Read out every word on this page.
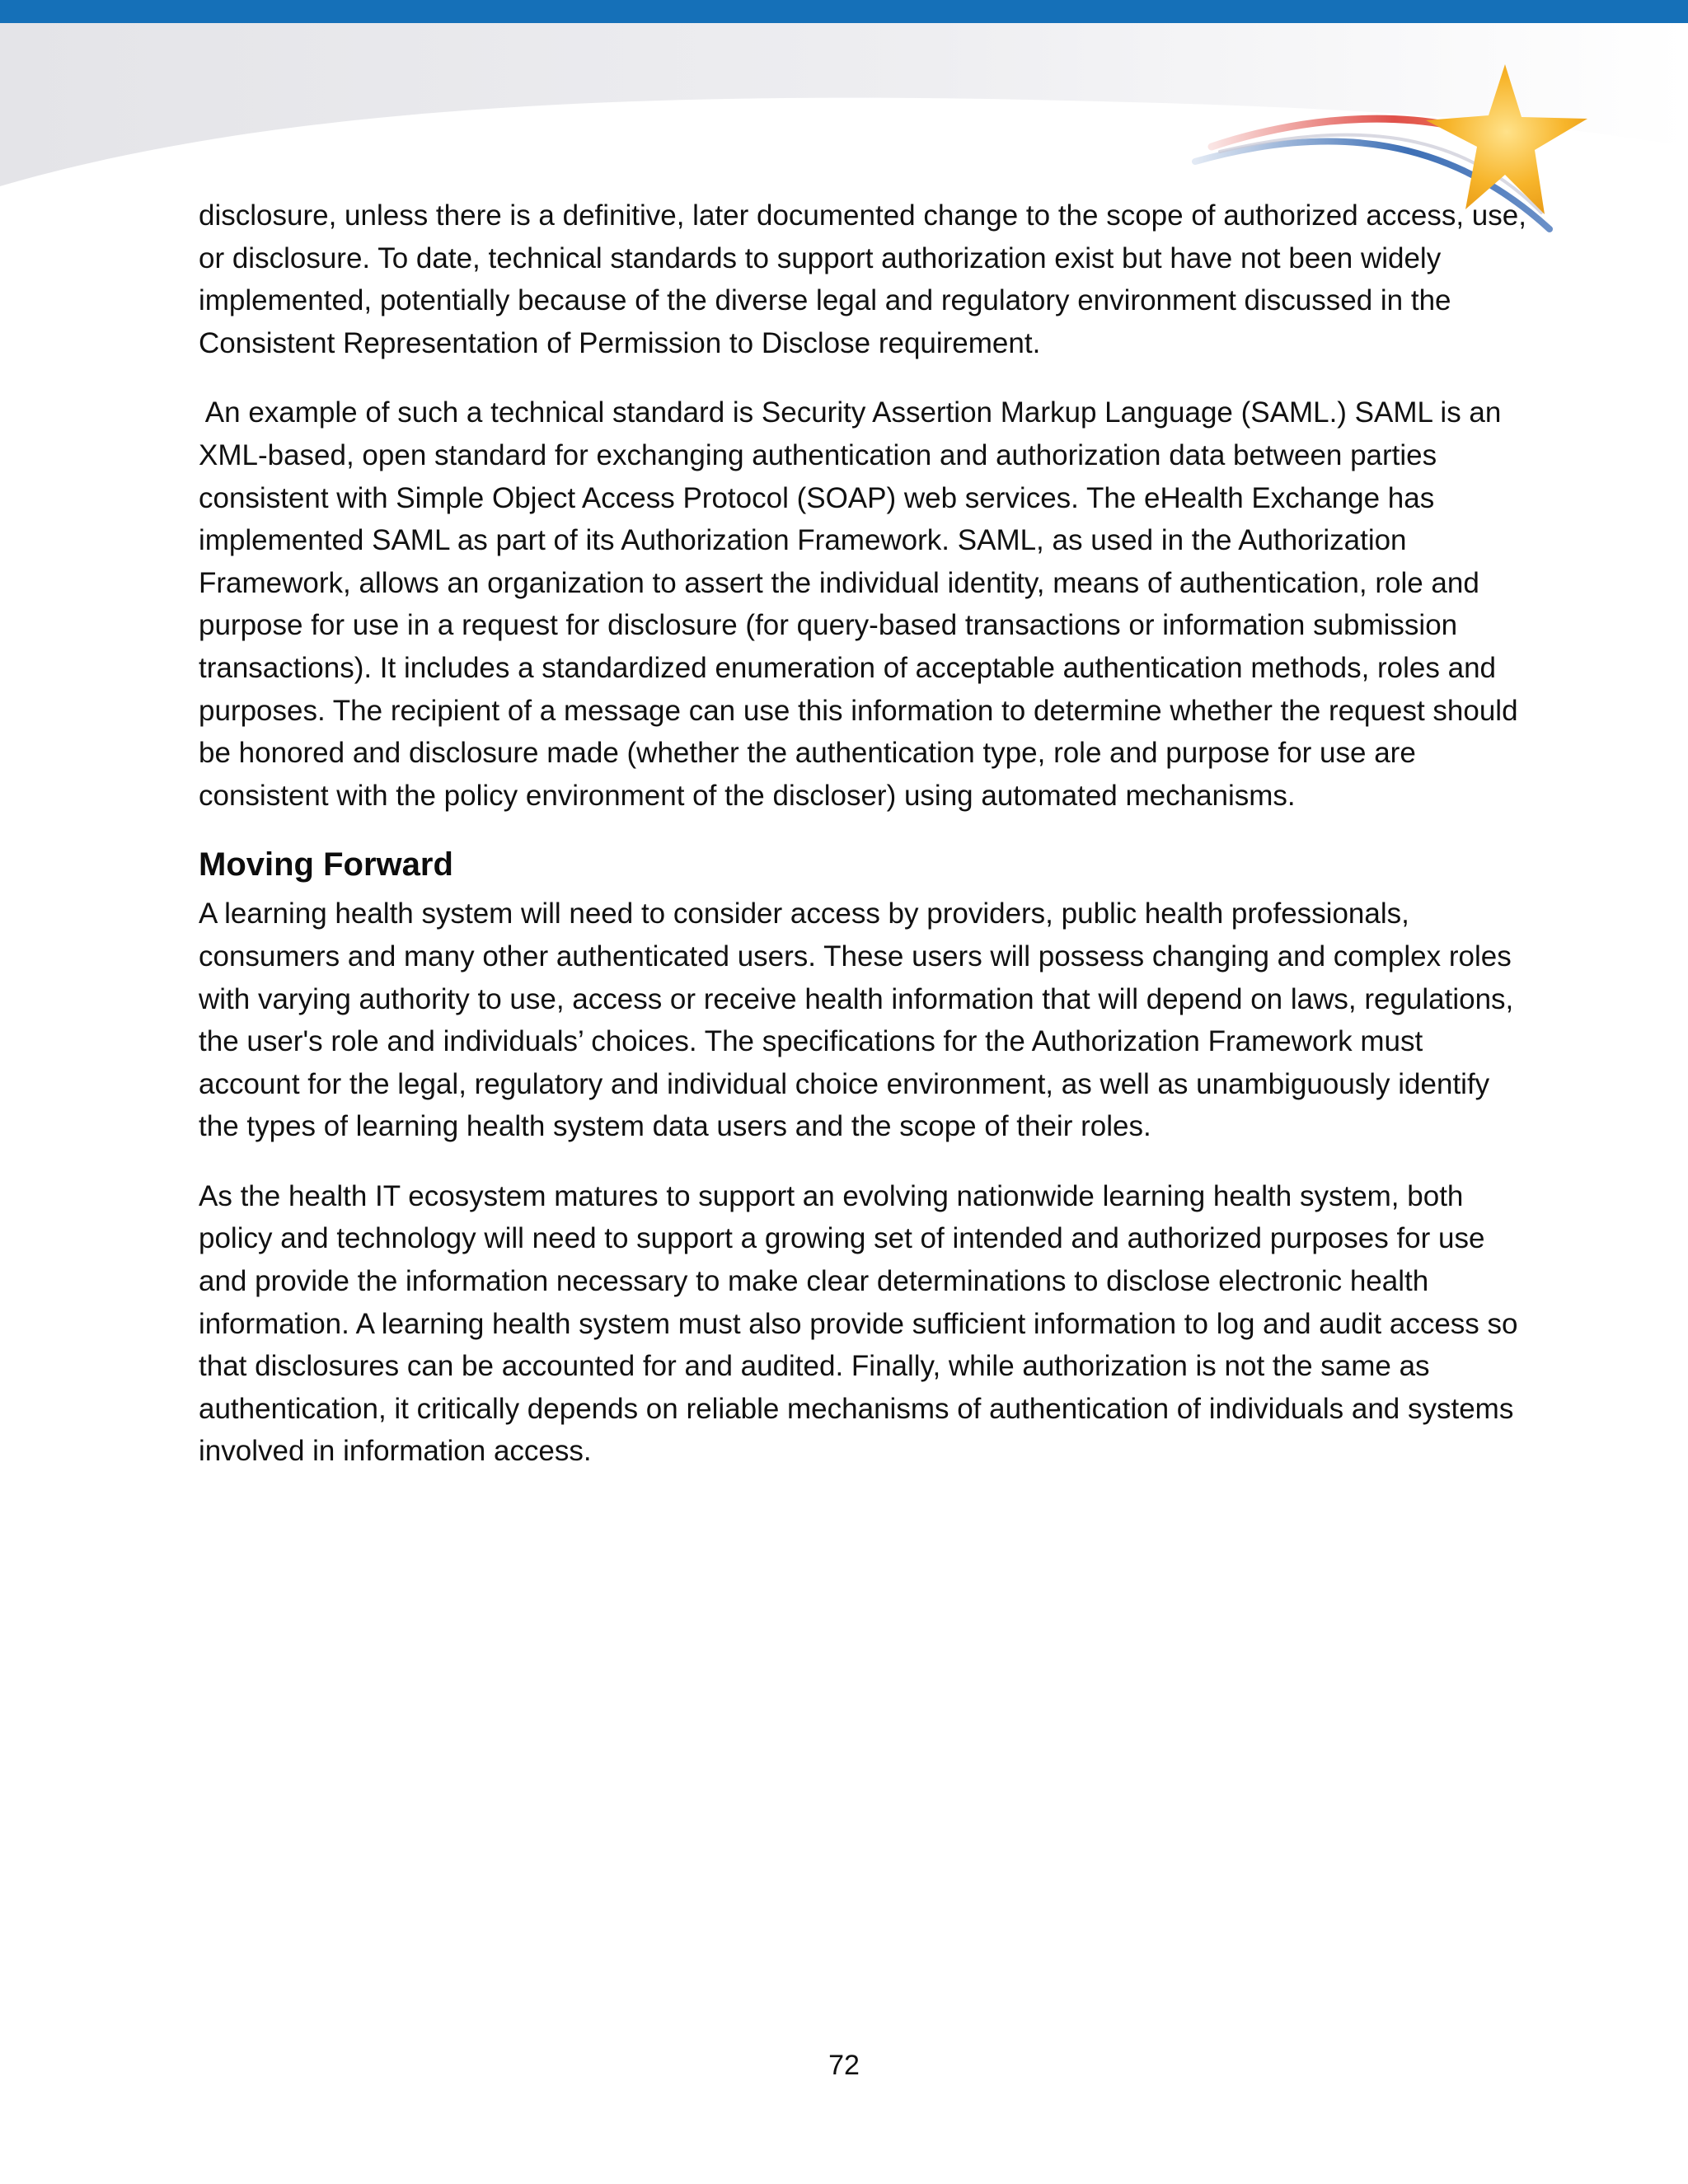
disclosure, unless there is a definitive, later documented change to the scope of authorized access, use,
or disclosure. To date, technical standards to support authorization exist but have not been widely
implemented, potentially because of the diverse legal and regulatory environment discussed in the
Consistent Representation of Permission to Disclose requirement.

An example of such a technical standard is Security Assertion Markup Language (SAML.) SAML is an
XML-based, open standard for exchanging authentication and authorization data between parties
consistent with Simple Object Access Protocol (SOAP) web services. The eHealth Exchange has
implemented SAML as part of its Authorization Framework. SAML, as used in the Authorization
Framework, allows an organization to assert the individual identity, means of authentication, role and
purpose for use in a request for disclosure (for query-based transactions or information submission
transactions). It includes a standardized enumeration of acceptable authentication methods, roles and
purposes. The recipient of a message can use this information to determine whether the request should
be honored and disclosure made (whether the authentication type, role and purpose for use are
consistent with the policy environment of the discloser) using automated mechanisms.

Moving Forward

A learning health system will need to consider access by providers, public health professionals,
consumers and many other authenticated users. These users will possess changing and complex roles
with varying authority to use, access or receive health information that will depend on laws, regulations,
the user's role and individuals’ choices. The specifications for the Authorization Framework must
account for the legal, regulatory and individual choice environment, as well as unambiguously identify
the types of learning health system data users and the scope of their roles.

As the health IT ecosystem matures to support an evolving nationwide learning health system, both
policy and technology will need to support a growing set of intended and authorized purposes for use
and provide the information necessary to make clear determinations to disclose electronic health
information. A learning health system must also provide sufficient information to log and audit access so
that disclosures can be accounted for and audited. Finally, while authorization is not the same as
authentication, it critically depends on reliable mechanisms of authentication of individuals and systems
involved in information access.

72
